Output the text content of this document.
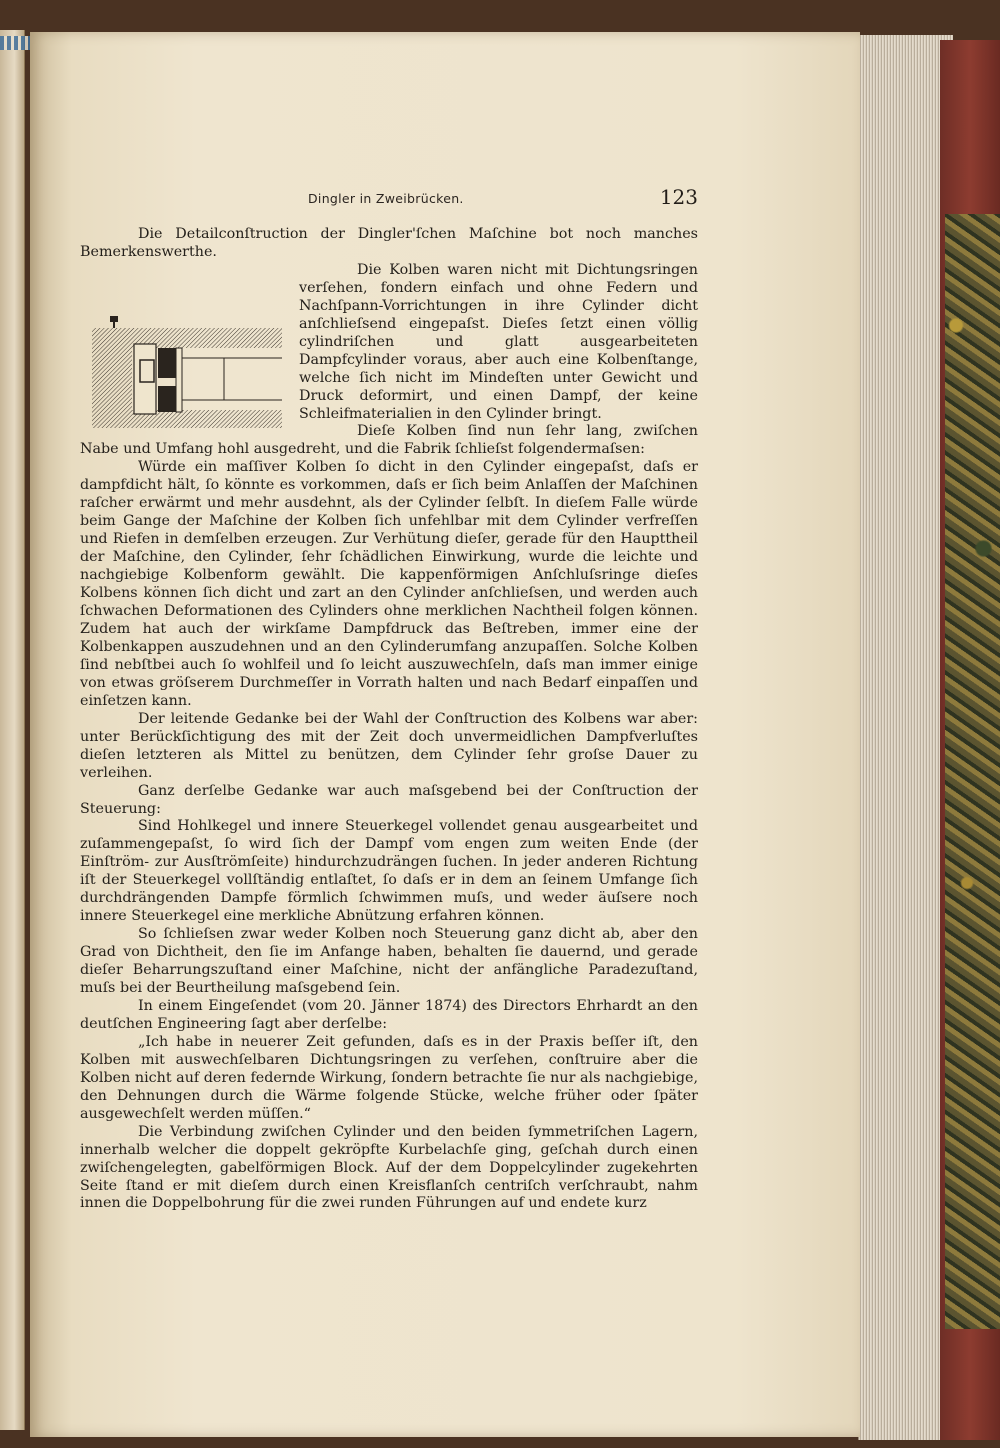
Dingler in Zweibrücken.	123

Die Detailconſtruction der Dingler'ſchen Maſchine bot noch manches Bemerkenswerthe.

Die Kolben waren nicht mit Dichtungsringen verſehen, fondern einfach und ohne Federn und Nachſpann-Vorrichtungen in ihre Cylinder dicht anſchlieſsend eingepaſst. Dieſes ſetzt einen völlig cylindriſchen und glatt ausgearbeiteten Dampfcylinder voraus, aber auch eine Kolbenſtange, welche ſich nicht im Mindeſten unter Gewicht und Druck deformirt, und einen Dampf, der keine Schleifmaterialien in den Cylinder bringt.

Dieſe Kolben ſind nun ſehr lang, zwiſchen Nabe und Umfang hohl ausgedreht, und die Fabrik ſchlieſst folgendermaſsen:

Würde ein maſſiver Kolben ſo dicht in den Cylinder eingepaſst, daſs er dampfdicht hält, ſo könnte es vorkommen, daſs er ſich beim Anlaſſen der Maſchinen raſcher erwärmt und mehr ausdehnt, als der Cylinder ſelbſt. In dieſem Falle würde beim Gange der Maſchine der Kolben ſich unfehlbar mit dem Cylinder verfreſſen und Riefen in demſelben erzeugen. Zur Verhütung dieſer, gerade für den Haupttheil der Maſchine, den Cylinder, ſehr ſchädlichen Einwirkung, wurde die leichte und nachgiebige Kolbenform gewählt. Die kappenförmigen Anſchluſsringe dieſes Kolbens können ſich dicht und zart an den Cylinder anſchlieſsen, und werden auch ſchwachen Deformationen des Cylinders ohne merklichen Nachtheil folgen können. Zudem hat auch der wirkſame Dampfdruck das Beſtreben, immer eine der Kolbenkappen auszudehnen und an den Cylinderumfang anzupaſſen. Solche Kolben ſind nebſtbei auch ſo wohlfeil und ſo leicht auszuwechſeln, daſs man immer einige von etwas gröſserem Durchmeſſer in Vorrath halten und nach Bedarf einpaſſen und einſetzen kann.

Der leitende Gedanke bei der Wahl der Conſtruction des Kolbens war aber: unter Berückſichtigung des mit der Zeit doch unvermeidlichen Dampfverluſtes dieſen letzteren als Mittel zu benützen, dem Cylinder ſehr groſse Dauer zu verleihen.

Ganz derſelbe Gedanke war auch maſsgebend bei der Conſtruction der Steuerung:

Sind Hohlkegel und innere Steuerkegel vollendet genau ausgearbeitet und zuſammengepaſst, ſo wird ſich der Dampf vom engen zum weiten Ende (der Einſtröm- zur Ausſtrömſeite) hindurchzudrängen ſuchen. In jeder anderen Richtung iſt der Steuerkegel vollſtändig entlaſtet, ſo daſs er in dem an ſeinem Umfange ſich durchdrängenden Dampfe förmlich ſchwimmen muſs, und weder äuſsere noch innere Steuerkegel eine merkliche Abnützung erfahren können.

So ſchlieſsen zwar weder Kolben noch Steuerung ganz dicht ab, aber den Grad von Dichtheit, den ſie im Anfange haben, behalten ſie dauernd, und gerade dieſer Beharrungszuſtand einer Maſchine, nicht der anfängliche Paradezuſtand, muſs bei der Beurtheilung maſsgebend ſein.

In einem Eingeſendet (vom 20. Jänner 1874) des Directors Ehrhardt an den deutſchen Engineering ſagt aber derſelbe:

„Ich habe in neuerer Zeit gefunden, daſs es in der Praxis beſſer iſt, den Kolben mit auswechſelbaren Dichtungsringen zu verſehen, conſtruire aber die Kolben nicht auf deren federnde Wirkung, ſondern betrachte ſie nur als nachgiebige, den Dehnungen durch die Wärme folgende Stücke, welche früher oder ſpäter ausgewechſelt werden müſſen.“

Die Verbindung zwiſchen Cylinder und den beiden ſymmetriſchen Lagern, innerhalb welcher die doppelt gekröpfte Kurbelachſe ging, geſchah durch einen zwiſchengelegten, gabelförmigen Block. Auf der dem Doppelcylinder zugekehrten Seite ſtand er mit dieſem durch einen Kreisflanſch centriſch verſchraubt, nahm innen die Doppelbohrung für die zwei runden Führungen auf und endete kurz
